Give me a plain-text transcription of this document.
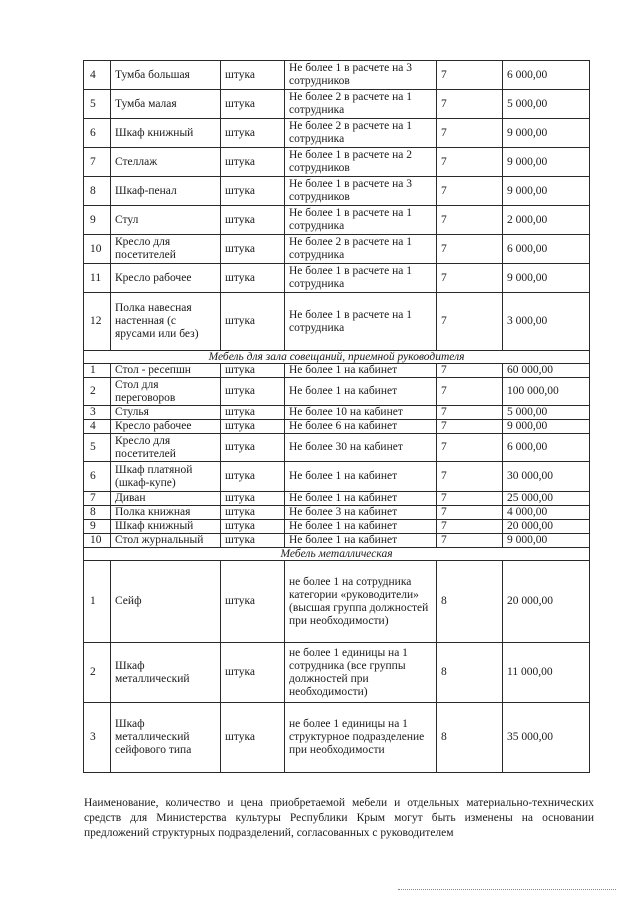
4	Тумба большая	штука	Не более 1 в расчете на 3 сотрудников	7	6 000,00
5	Тумба малая	штука	Не более 2 в расчете на 1 сотрудника	7	5 000,00
6	Шкаф книжный	штука	Не более 2 в расчете на 1 сотрудника	7	9 000,00
7	Стеллаж	штука	Не более 1 в расчете на 2 сотрудников	7	9 000,00
8	Шкаф-пенал	штука	Не более 1 в расчете на 3 сотрудников	7	9 000,00
9	Стул	штука	Не более 1 в расчете на 1 сотрудника	7	2 000,00
10	Кресло для посетителей	штука	Не более 2 в расчете на 1 сотрудника	7	6 000,00
11	Кресло рабочее	штука	Не более 1 в расчете на 1 сотрудника	7	9 000,00
12	Полка навесная настенная (с ярусами или без)	штука	Не более 1 в расчете на 1 сотрудника	7	3 000,00
Мебель для зала совещаний, приемной руководителя					
1	Стол - ресепшн	штука	Не более 1 на кабинет	7	60 000,00
2	Стол для переговоров	штука	Не более 1 на кабинет	7	100 000,00
3	Стулья	штука	Не более 10 на кабинет	7	5 000,00
4	Кресло рабочее	штука	Не более 6 на кабинет	7	9 000,00
5	Кресло для посетителей	штука	Не более 30 на кабинет	7	6 000,00
6	Шкаф платяной (шкаф-купе)	штука	Не более 1 на кабинет	7	30 000,00
7	Диван	штука	Не более 1 на кабинет	7	25 000,00
8	Полка книжная	штука	Не более 3 на кабинет	7	4 000,00
9	Шкаф книжный	штука	Не более 1 на кабинет	7	20 000,00
10	Стол журнальный	штука	Не более 1 на кабинет	7	9 000,00
Мебель металлическая					
1	Сейф	штука	не более 1 на сотрудника категории «руководители» (высшая группа должностей при необходимости)	8	20 000,00
2	Шкаф металлический	штука	не более 1 единицы на 1 сотрудника (все группы должностей при необходимости)	8	11 000,00
3	Шкаф металлический сейфового типа	штука	не более 1 единицы на 1 структурное подразделение при необходимости	8	35 000,00
Наименование, количество и цена приобретаемой мебели и отдельных материально-технических средств для Министерства культуры Республики Крым могут быть изменены на основании предложений структурных подразделений, согласованных с руководителем
